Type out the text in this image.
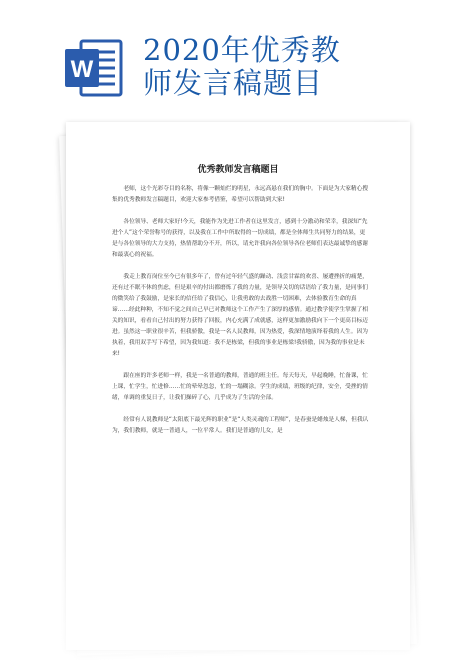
W
2020年优秀教
师发言稿题目
优秀教师发言稿题目

老师，这个光彩夺目的名称，将像一颗灿烂的明星，永远高悬在我们的胸中。下面是为大家精心搜集的优秀教师发言稿题目，欢迎大家参考借鉴，希望可以帮助到大家!

各位领导、老师大家好!今天，我能作为先进工作者在这里发言，感到十分激动和荣幸，我深知“先进个人”这个荣誉称号的获得，以及我在工作中所取得的一切成绩，都是全体师生共同努力的结果，更是与各位领导的大力支持，热情帮助分不开，所以，请允许我向各位领导各位老师们表达最诚挚的感谢和最衷心的祝福。

我走上教育岗位至今已有很多年了，曾有过年轻气盛的躁动、浅尝甘霖的欢喜、屡遭挫折的痛楚，还有过不眠不休的焦虑，但是艰辛的付出都磨炼了我的力量，是领导关切的话语给了我力量，是同事们的微笑给了我鼓励，是家长的信任给了我信心，让我勇敢的去战胜一切困难，去体验教育生命的真谛……经此种种，不知不觉之间自己早已对教师这个工作产生了深厚的感情。通过教学使学生掌握了相关的知识，看看自己付出的努力获得了回报，内心充满了成就感，这样更加激励我向下一个更高目标迈进。虽然这一职业很辛苦，但我骄傲，我是一名人民教师，因为热爱，我深情地演绎着我的人生。因为执着，我用双手写下希望，因为我知道：我不是栋梁，但我的事业是栋梁!我骄傲，因为我的事业是未来!

跟在座的许多老师一样，我是一名普通的教师，普通的班主任。每天每天，早起晚睡，忙备课，忙上课，忙学生，忙进修……忙的晕晕忽忽，忙的一塌糊涂。学生的成绩，班级的纪律，安全，受挫的情绪，单调的重复日子，让我们操碎了心，几乎成为了生活的全部。

经常有人说教师是“太阳底下最光辉的职业”是“人类灵魂的工程师”，是春蚕是蜡烛是人梯，但我认为，我们教师，就是一普通人，一位平常人。我们是普通的儿女，是
